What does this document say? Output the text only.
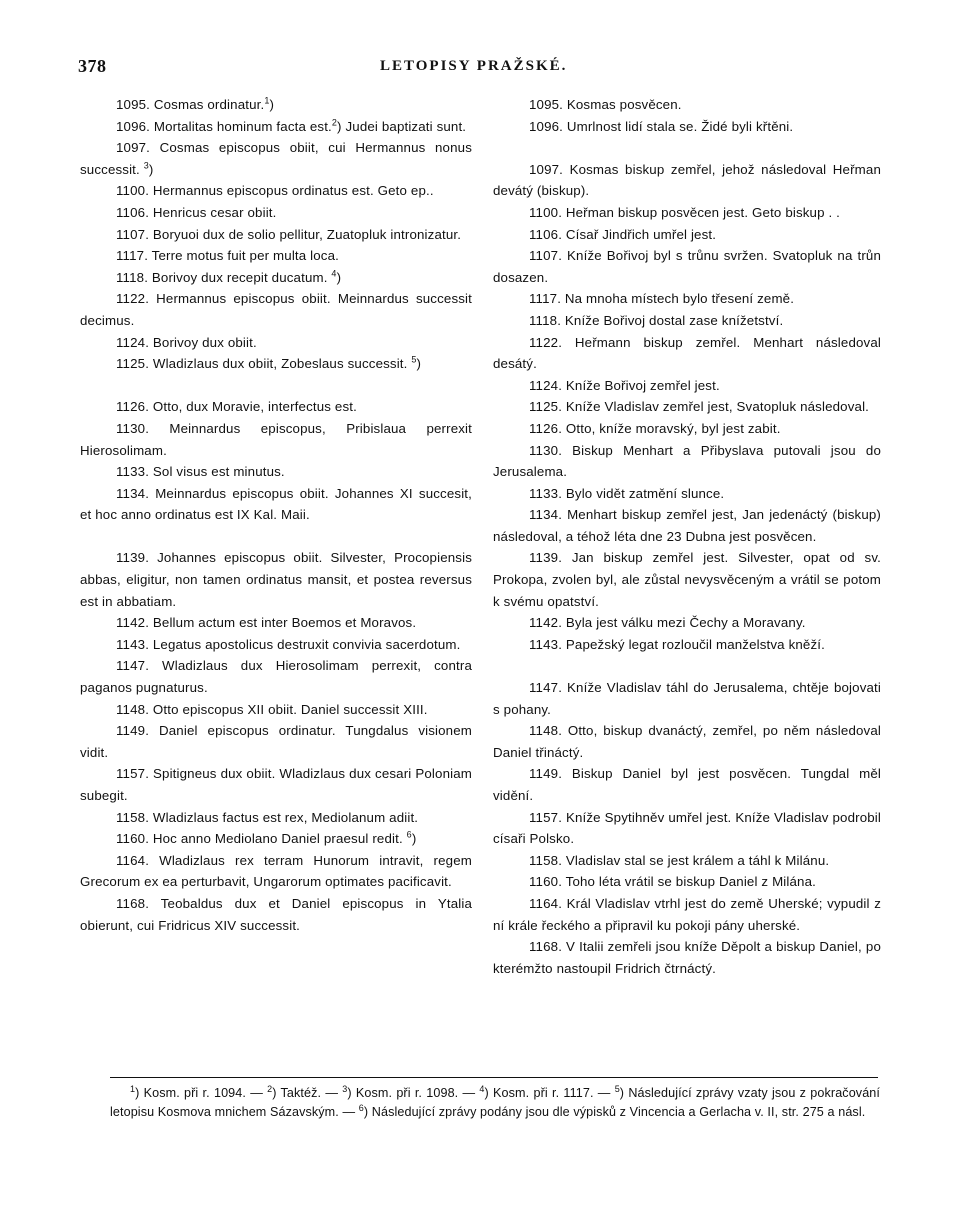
378	LETOPISY PRAŽSKÉ.
1095. Cosmas ordinatur.$^1$)
1096. Mortalitas hominum facta est.$^2$) Judei baptizati sunt.
1097. Cosmas episcopus obiit, cui Hermannus nonus successit. $^3$)
1100. Hermannus episcopus ordinatus est. Geto ep..
1106. Henricus cesar obiit.
1107. Boryuoi dux de solio pellitur, Zuatopluk intronizatur.
1117. Terre motus fuit per multa loca.
1118. Borivoy dux recepit ducatum. $^4$)
1122. Hermannus episcopus obiit. Meinnardus successit decimus.
1124. Borivoy dux obiit.
1125. Wladizlaus dux obiit, Zobeslaus successit. $^5$)
1126. Otto, dux Moravie, interfectus est.
1130. Meinnardus episcopus, Pribislaua perrexit Hierosolimam.
1133. Sol visus est minutus.
1134. Meinnardus episcopus obiit. Johannes XI succesit, et hoc anno ordinatus est IX Kal. Maii.
1139. Johannes episcopus obiit. Silvester, Procopiensis abbas, eligitur, non tamen ordinatus mansit, et postea reversus est in abbatiam.
1142. Bellum actum est inter Boemos et Moravos.
1143. Legatus apostolicus destruxit convivia sacerdotum.
1147. Wladizlaus dux Hierosolimam perrexit, contra paganos pugnaturus.
1148. Otto episcopus XII obiit. Daniel successit XIII.
1149. Daniel episcopus ordinatur. Tungdalus visionem vidit.
1157. Spitigneus dux obiit. Wladizlaus dux cesari Poloniam subegit.
1158. Wladizlaus factus est rex, Mediolanum adiit.
1160. Hoc anno Mediolano Daniel praesul redit. $^6$)
1164. Wladizlaus rex terram Hunorum intravit, regem Grecorum ex ea perturbavit, Ungarorum optimates pacificavit.
1168. Teobaldus dux et Daniel episcopus in Ytalia obierunt, cui Fridricus XIV successit.
1095. Kosmas posvěcen.
1096. Umrlnost lidí stala se. Židé byli křtěni.
1097. Kosmas biskup zemřel, jehož následoval Heřman devátý (biskup).
1100. Heřman biskup posvěcen jest. Geto biskup . .
1106. Císař Jindřich umřel jest.
1107. Kníže Bořivoj byl s trůnu svržen. Svatopluk na trůn dosazen.
1117. Na mnoha místech bylo třesení země.
1118. Kníže Bořivoj dostal zase knížetství.
1122. Heřmann biskup zemřel. Menhart následoval desátý.
1124. Kníže Bořivoj zemřel jest.
1125. Kníže Vladislav zemřel jest, Svatopluk následoval.
1126. Otto, kníže moravský, byl jest zabit.
1130. Biskup Menhart a Přibyslava putovali jsou do Jerusalema.
1133. Bylo vidět zatmění slunce.
1134. Menhart biskup zemřel jest, Jan jedenáctý (biskup) následoval, a téhož léta dne 23 Dubna jest posvěcen.
1139. Jan biskup zemřel jest. Silvester, opat od sv. Prokopa, zvolen byl, ale zůstal nevysvěceným a vrátil se potom k svému opatství.
1142. Byla jest válku mezi Čechy a Moravany.
1143. Papežský legat rozloučil manželstva kněží.
1147. Kníže Vladislav táhl do Jerusalema, chtěje bojovati s pohany.
1148. Otto, biskup dvanáctý, zemřel, po něm následoval Daniel třináctý.
1149. Biskup Daniel byl jest posvěcen. Tungdal měl vidění.
1157. Kníže Spytihněv umřel jest. Kníže Vladislav podrobil císaři Polsko.
1158. Vladislav stal se jest králem a táhl k Milánu.
1160. Toho léta vrátil se biskup Daniel z Milána.
1164. Král Vladislav vtrhl jest do země Uherské; vypudil z ní krále řeckého a připravil ku pokoji pány uherské.
1168. V Italii zemřeli jsou kníže Děpolt a biskup Daniel, po kterémžto nastoupil Fridrich čtrnáctý.
$^1$) Kosm. při r. 1094. — $^2$) Taktéž. — $^3$) Kosm. při r. 1098. — $^4$) Kosm. při r. 1117. — $^5$) Následující zprávy vzaty jsou z pokračování letopisu Kosmova mnichem Sázavským. — $^6$) Následující zprávy podány jsou dle výpisků z Vincencia a Gerlacha v. II, str. 275 a násl.
